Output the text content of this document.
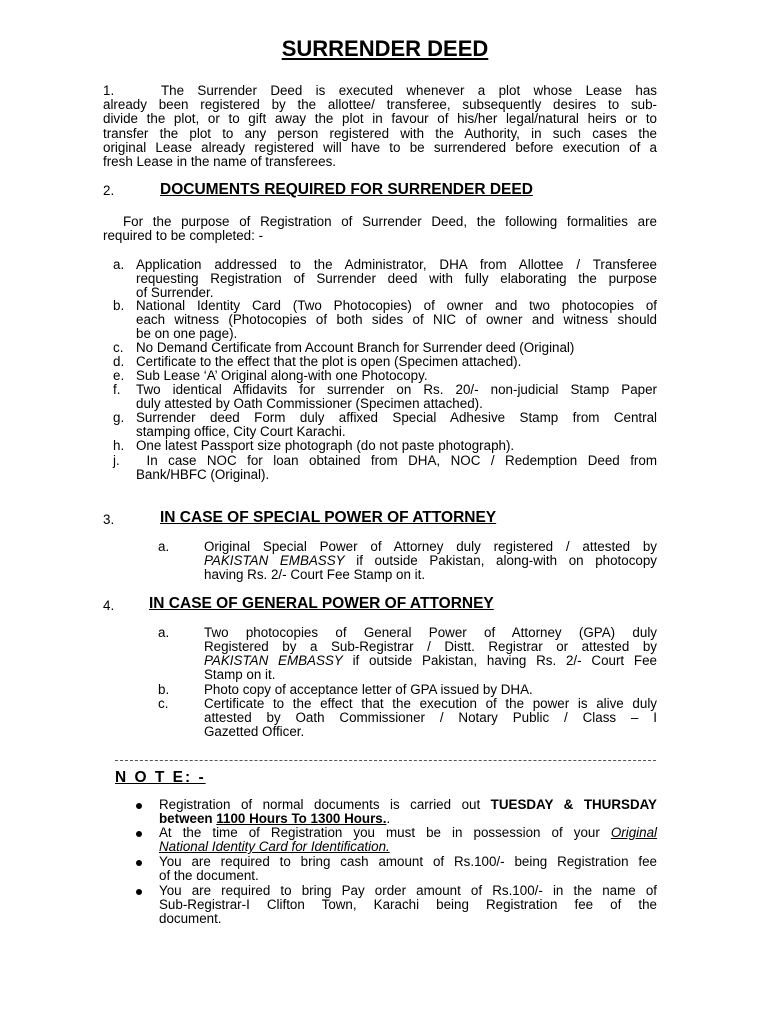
SURRENDER DEED
1.	The Surrender Deed is executed whenever a plot whose Lease has
already been registered by the allottee/ transferee, subsequently desires to sub-
divide the plot, or to gift away the plot in favour of his/her legal/natural heirs or to
transfer the plot to any person registered with the Authority, in such cases the
original Lease already registered will have to be surrendered before execution of a
fresh Lease in the name of transferees.
2.	DOCUMENTS REQUIRED FOR SURRENDER DEED
For the purpose of Registration of Surrender Deed, the following formalities are
required to be completed: -
a. Application addressed to the Administrator, DHA from Allottee / Transferee
requesting Registration of Surrender deed with fully elaborating the purpose
of Surrender.
b. National Identity Card (Two Photocopies) of owner and two photocopies of
each witness (Photocopies of both sides of NIC of owner and witness should
be on one page).
c. No Demand Certificate from Account Branch for Surrender deed (Original)
d. Certificate to the effect that the plot is open (Specimen attached).
e. Sub Lease ‘A’ Original along-with one Photocopy.
f. Two identical Affidavits for surrender on Rs. 20/- non-judicial Stamp Paper
duly attested by Oath Commissioner (Specimen attached).
g. Surrender deed Form duly affixed Special Adhesive Stamp from Central
stamping office, City Court Karachi.
h. One latest Passport size photograph (do not paste photograph).
j. In case NOC for loan obtained from DHA, NOC / Redemption Deed from
Bank/HBFC (Original).
3.	IN CASE OF SPECIAL POWER OF ATTORNEY
a.	Original Special Power of Attorney duly registered / attested by
PAKISTAN EMBASSY if outside Pakistan, along-with on photocopy
having Rs. 2/- Court Fee Stamp on it.
4. IN CASE OF GENERAL POWER OF ATTORNEY
a.	Two photocopies of General Power of Attorney (GPA) duly
Registered by a Sub-Registrar / Distt. Registrar or attested by
PAKISTAN EMBASSY if outside Pakistan, having Rs. 2/- Court Fee
Stamp on it.
b.	Photo copy of acceptance letter of GPA issued by DHA.
c.	Certificate to the effect that the execution of the power is alive duly
attested by Oath Commissioner / Notary Public / Class – I
Gazetted Officer.
N O T E: -
Registration of normal documents is carried out TUESDAY & THURSDAY
between 1100 Hours To 1300 Hours..
At the time of Registration you must be in possession of your Original
National Identity Card for Identification.
You are required to bring cash amount of Rs.100/- being Registration fee
of the document.
You are required to bring Pay order amount of Rs.100/- in the name of
Sub-Registrar-I Clifton Town, Karachi being Registration fee of the
document.
